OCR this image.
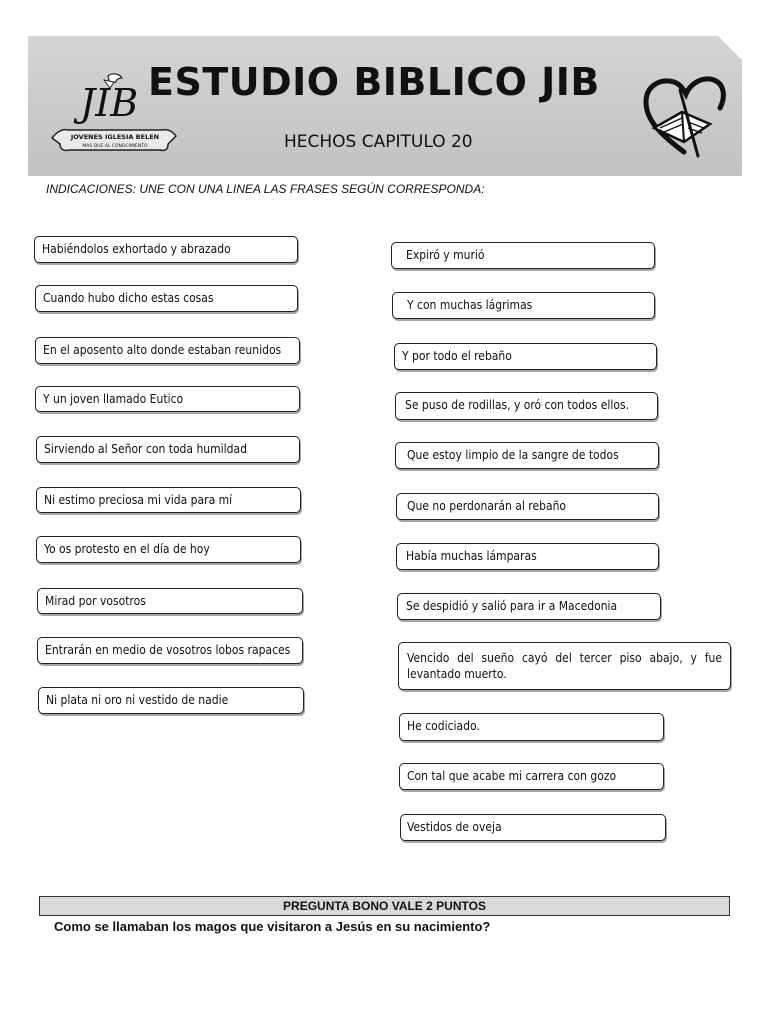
JIB
JOVENES IGLESIA BELEN
MAS QUE AL CONOCIMIENTO
ESTUDIO BIBLICO JIB
HECHOS CAPITULO 20
INDICACIONES: UNE CON UNA LINEA LAS FRASES SEGÚN CORRESPONDA:
Habiéndolos exhortado y abrazado
Cuando hubo dicho estas cosas
En el aposento alto donde estaban reunidos
Y un joven llamado Eutico
Sirviendo al Señor con toda humildad
Ni estimo preciosa mi vida para mí
Yo os protesto en el día de hoy
Mirad por vosotros
Entrarán en medio de vosotros lobos rapaces
Ni plata ni oro ni vestido de nadie
Expiró y murió
Y con muchas lágrimas
Y por todo el rebaño
Se puso de rodillas, y oró con todos ellos.
Que estoy limpio de la sangre de todos
Que no perdonarán al rebaño
Había muchas lámparas
Se despidió y salió para ir a Macedonia
Vencido del sueño cayó del tercer piso abajo, y fue levantado muerto.
He codiciado.
Con tal que acabe mi carrera con gozo
Vestidos de oveja
PREGUNTA BONO VALE 2 PUNTOS
Como se llamaban los magos que visitaron a Jesús en su nacimiento?
